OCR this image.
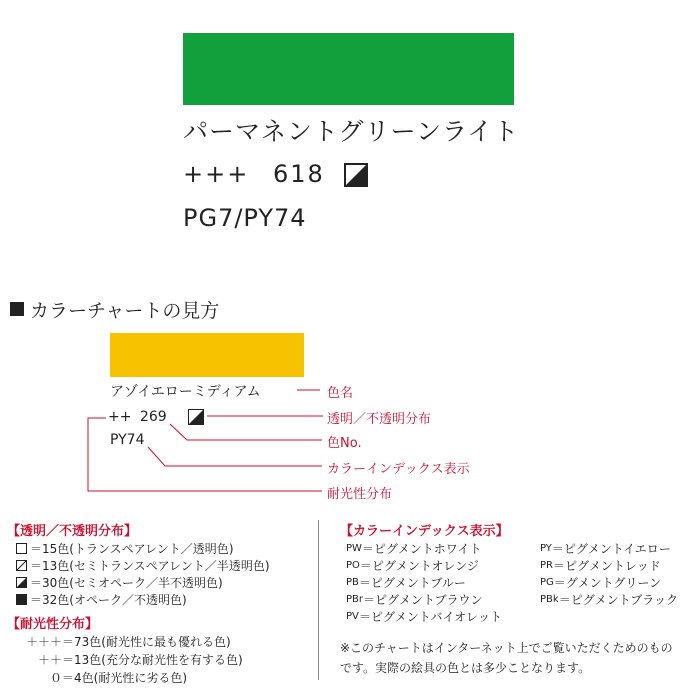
パーマネントグリーンライト
+++ 618
PG7/PY74
カラーチャートの見方
アゾイエローミディアム
++ 269
PY74
色名
透明／不透明分布
色No.
カラーインデックス表示
耐光性分布
【透明／不透明分布】
＝15色(トランスペアレント／透明色)
＝13色(セミトランスペアレント／半透明色)
＝30色(セミオペーク／半不透明色)
＝32色(オペーク／不透明色)
【耐光性分布】
＋＋＋ ＝73色(耐光性に最も優れる色)
＋＋ ＝13色(充分な耐光性を有する色)
０ ＝4色(耐光性に劣る色)
【カラーインデックス表示】
PW ＝ピグメントホワイト
PO ＝ピグメントオレンジ
PB ＝ピグメントブルー
PBr ＝ピグメントブラウン
PV ＝ピグメントバイオレット
PY ＝ピグメントイエロー
PR ＝ピグメントレッド
PG ＝グメントグリーン
PBk ＝ピグメントブラック
※このチャートはインターネット上でご覧いただくためのもの
です。実際の絵具の色とは多少ことなります。
